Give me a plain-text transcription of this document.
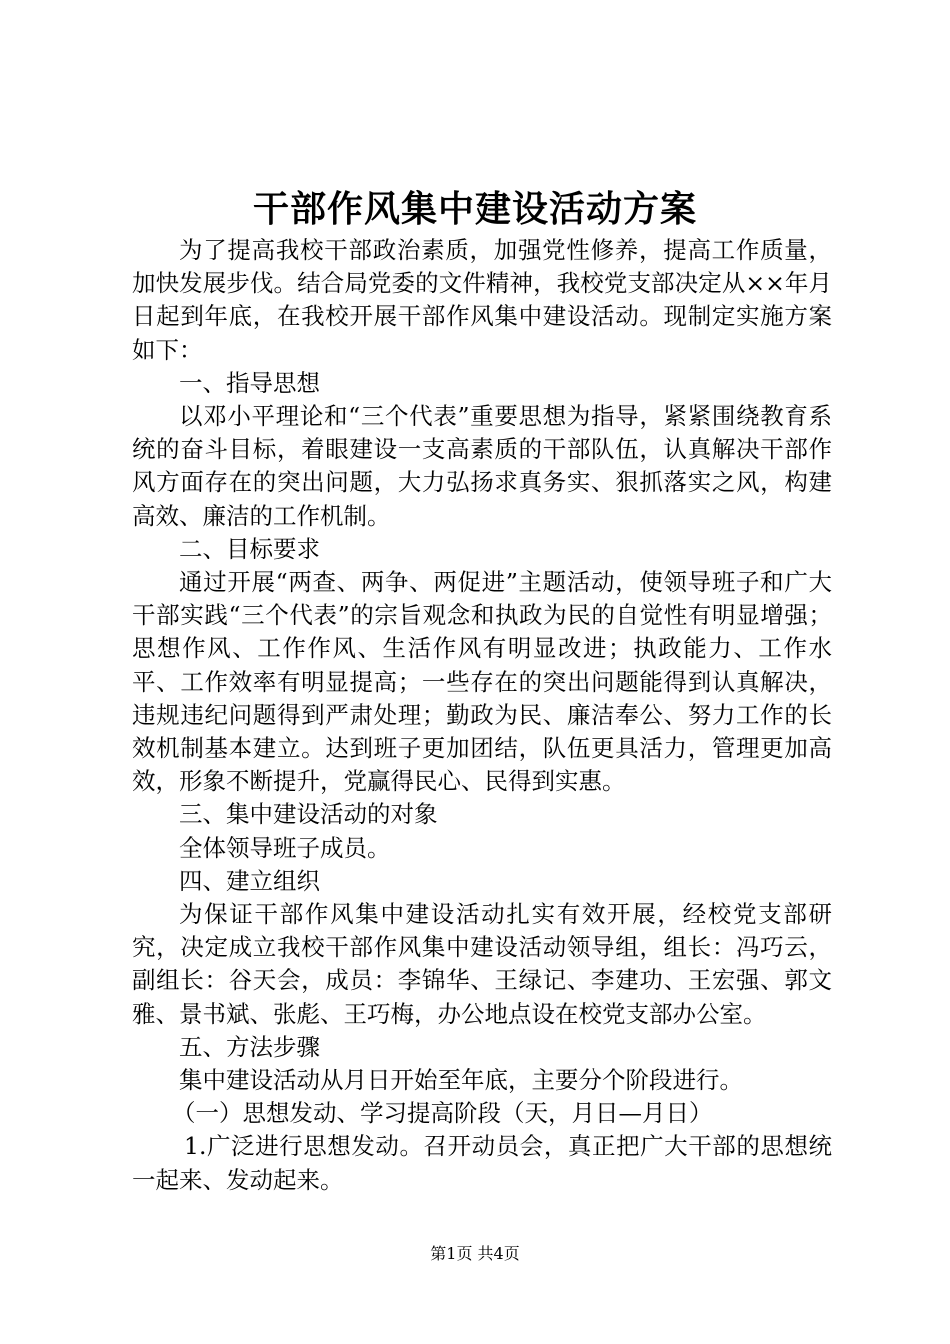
干部作风集中建设活动方案

为了提高我校干部政治素质，加强党性修养，提高工作质量，加快发展步伐。结合局党委的文件精神，我校党支部决定从××年月日起到年底，在我校开展干部作风集中建设活动。现制定实施方案如下：

一、指导思想

以邓小平理论和“三个代表”重要思想为指导，紧紧围绕教育系统的奋斗目标，着眼建设一支高素质的干部队伍，认真解决干部作风方面存在的突出问题，大力弘扬求真务实、狠抓落实之风，构建高效、廉洁的工作机制。

二、目标要求

通过开展“两查、两争、两促进”主题活动，使领导班子和广大干部实践“三个代表”的宗旨观念和执政为民的自觉性有明显增强；思想作风、工作作风、生活作风有明显改进；执政能力、工作水平、工作效率有明显提高；一些存在的突出问题能得到认真解决，违规违纪问题得到严肃处理；勤政为民、廉洁奉公、努力工作的长效机制基本建立。达到班子更加团结，队伍更具活力，管理更加高效，形象不断提升，党赢得民心、民得到实惠。

三、集中建设活动的对象

全体领导班子成员。

四、建立组织

为保证干部作风集中建设活动扎实有效开展，经校党支部研究，决定成立我校干部作风集中建设活动领导组，组长：冯巧云，副组长：谷天会，成员：李锦华、王绿记、李建功、王宏强、郭文雅、景书斌、张彪、王巧梅，办公地点设在校党支部办公室。

五、方法步骤

集中建设活动从月日开始至年底，主要分个阶段进行。

（一）思想发动、学习提高阶段（天，月日—月日）

1.广泛进行思想发动。召开动员会，真正把广大干部的思想统一起来、发动起来。

第1页 共4页
